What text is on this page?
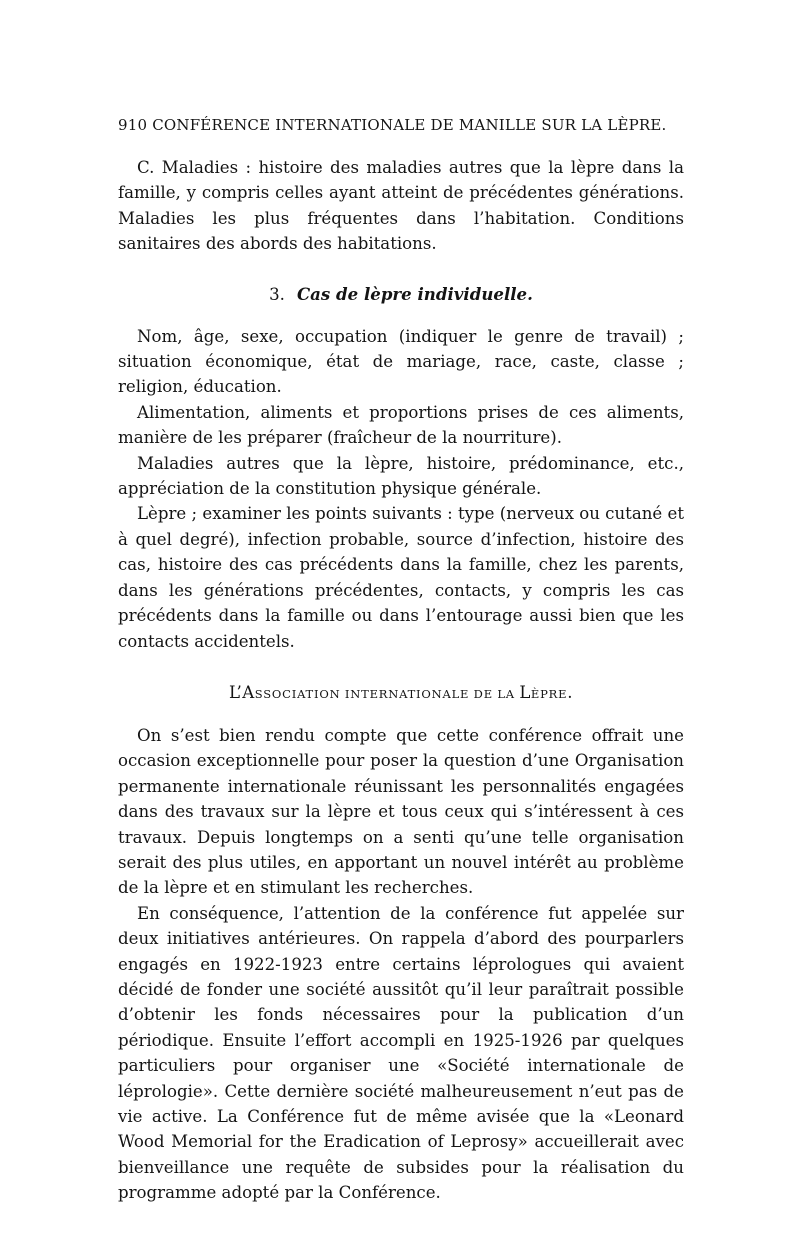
910 CONFÉRENCE INTERNATIONALE DE MANILLE SUR LA LÈPRE.

C. Maladies : histoire des maladies autres que la lèpre dans la famille, y compris celles ayant atteint de précédentes générations. Maladies les plus fréquentes dans l’habitation. Conditions sanitaires des abords des habitations.

3. Cas de lèpre individuelle.

Nom, âge, sexe, occupation (indiquer le genre de travail) ; situation économique, état de mariage, race, caste, classe ; religion, éducation.

Alimentation, aliments et proportions prises de ces aliments, manière de les préparer (fraîcheur de la nourriture).

Maladies autres que la lèpre, histoire, prédominance, etc., appréciation de la constitution physique générale.

Lèpre ; examiner les points suivants : type (nerveux ou cutané et à quel degré), infection probable, source d’infection, histoire des cas, histoire des cas précédents dans la famille, chez les parents, dans les générations précédentes, contacts, y compris les cas précédents dans la famille ou dans l’entourage aussi bien que les contacts accidentels.

L’ASSOCIATION INTERNATIONALE DE LA LÈPRE.

On s’est bien rendu compte que cette conférence offrait une occasion exceptionnelle pour poser la question d’une Organisation permanente internationale réunissant les personnalités engagées dans des travaux sur la lèpre et tous ceux qui s’intéressent à ces travaux. Depuis longtemps on a senti qu’une telle organisation serait des plus utiles, en apportant un nouvel intérêt au problème de la lèpre et en stimulant les recherches.

En conséquence, l’attention de la conférence fut appelée sur deux initiatives antérieures. On rappela d’abord des pourparlers engagés en 1922-1923 entre certains léprologues qui avaient décidé de fonder une société aussitôt qu’il leur paraîtrait possible d’obtenir les fonds nécessaires pour la publication d’un périodique. Ensuite l’effort accompli en 1925-1926 par quelques particuliers pour organiser une «Société internationale de léprologie». Cette dernière société malheureusement n’eut pas de vie active. La Conférence fut de même avisée que la «Leonard Wood Memorial for the Eradication of Leprosy» accueillerait avec bienveillance une requête de subsides pour la réalisation du programme adopté par la Conférence.
